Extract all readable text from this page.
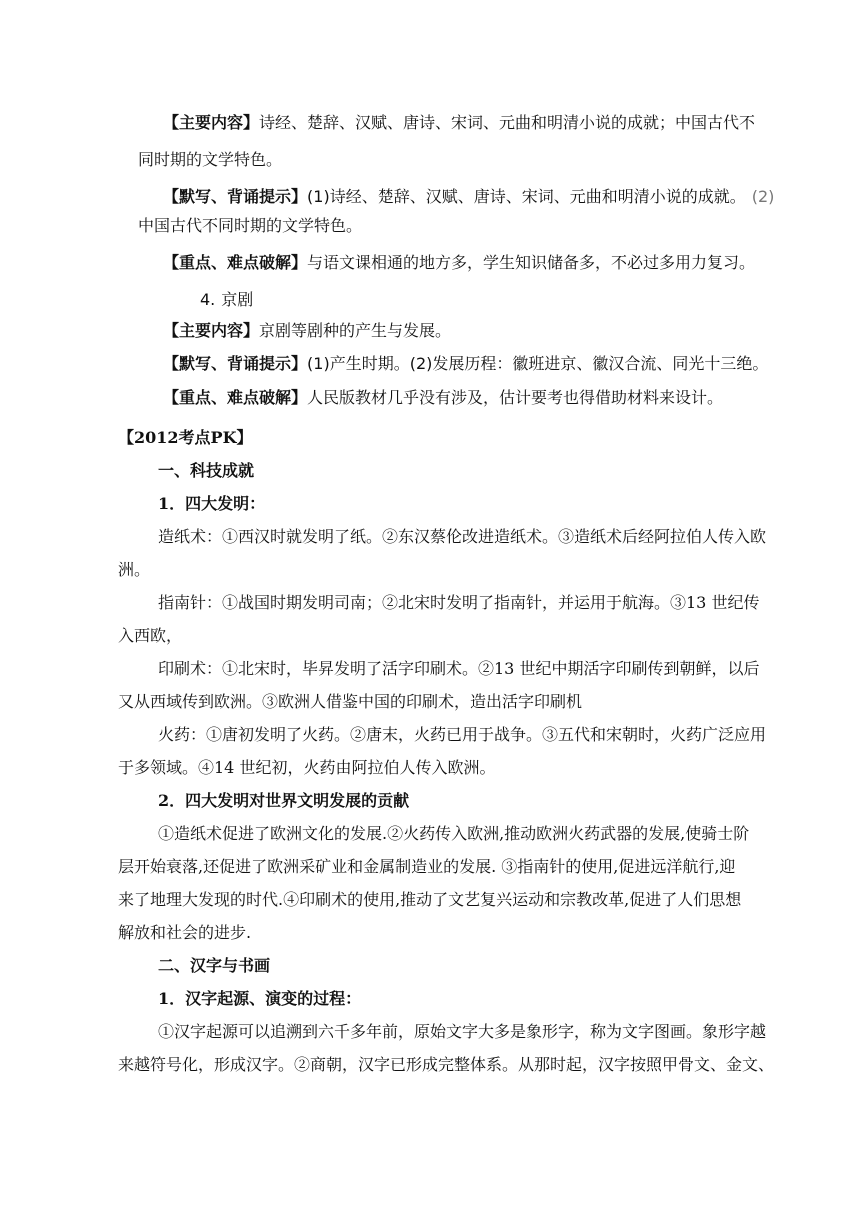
【主要内容】诗经、楚辞、汉赋、唐诗、宋词、元曲和明清小说的成就；中国古代不
同时期的文学特色。
【默写、背诵提示】(1)诗经、楚辞、汉赋、唐诗、宋词、元曲和明清小说的成就。 (2)
中国古代不同时期的文学特色。
【重点、难点破解】与语文课相通的地方多，学生知识储备多，不必过多用力复习。
4. 京剧
【主要内容】京剧等剧种的产生与发展。
【默写、背诵提示】(1)产生时期。(2)发展历程：徽班进京、徽汉合流、同光十三绝。
【重点、难点破解】人民版教材几乎没有涉及，估计要考也得借助材料来设计。
【2012考点PK】
一、科技成就
1．四大发明：
造纸术：①西汉时就发明了纸。②东汉蔡伦改进造纸术。③造纸术后经阿拉伯人传入欧
洲。
指南针：①战国时期发明司南；②北宋时发明了指南针，并运用于航海。③13 世纪传
入西欧，
印刷术：①北宋时，毕昇发明了活字印刷术。②13 世纪中期活字印刷传到朝鲜，以后
又从西域传到欧洲。③欧洲人借鉴中国的印刷术，造出活字印刷机
火药：①唐初发明了火药。②唐末，火药已用于战争。③五代和宋朝时，火药广泛应用
于多领域。④14 世纪初，火药由阿拉伯人传入欧洲。
2．四大发明对世界文明发展的贡献
①造纸术促进了欧洲文化的发展.②火药传入欧洲,推动欧洲火药武器的发展,使骑士阶
层开始衰落,还促进了欧洲采矿业和金属制造业的发展. ③指南针的使用,促进远洋航行,迎
来了地理大发现的时代.④印刷术的使用,推动了文艺复兴运动和宗教改革,促进了人们思想
解放和社会的进步.
二、汉字与书画
1．汉字起源、演变的过程：
①汉字起源可以追溯到六千多年前，原始文字大多是象形字，称为文字图画。象形字越
来越符号化，形成汉字。②商朝，汉字已形成完整体系。从那时起，汉字按照甲骨文、金文、
